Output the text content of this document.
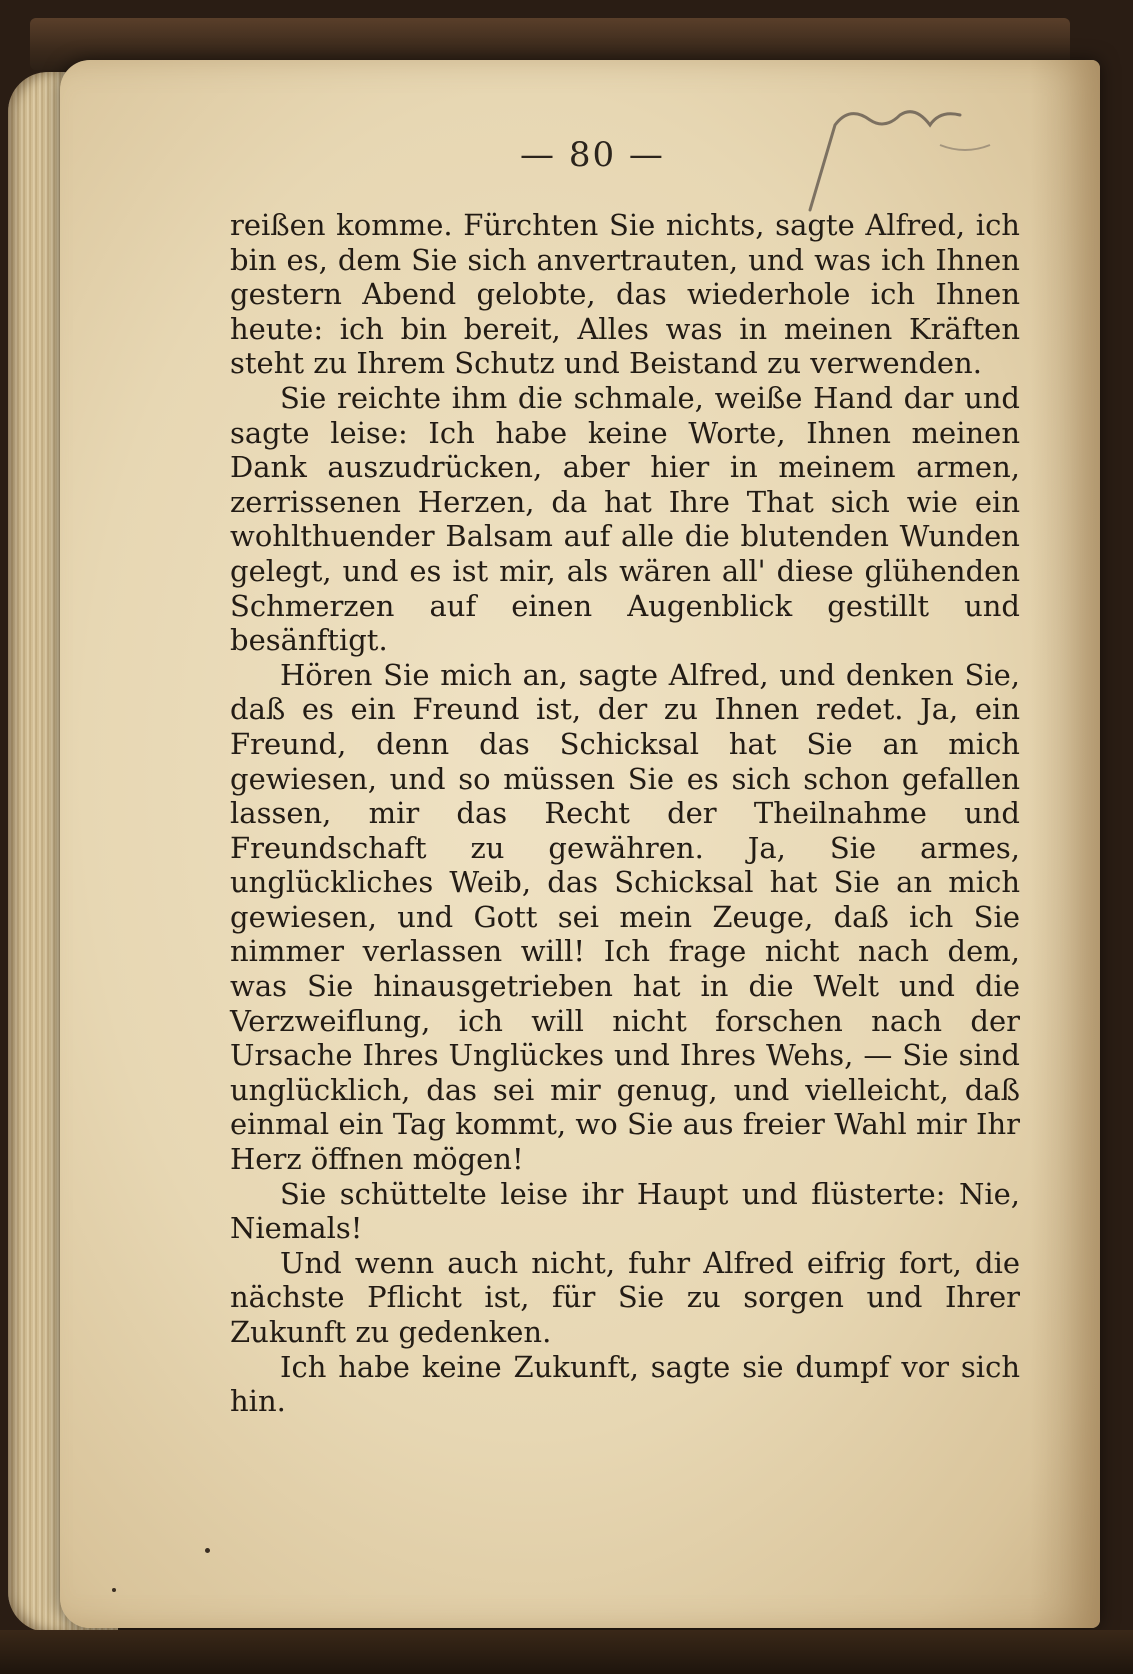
— 80 —

reißen komme. Fürchten Sie nichts, sagte Alfred, ich bin es, dem Sie sich anvertrauten, und was ich Ihnen gestern Abend gelobte, das wiederhole ich Ihnen heute: ich bin bereit, Alles was in meinen Kräften steht zu Ihrem Schutz und Beistand zu verwenden.

Sie reichte ihm die schmale, weiße Hand dar und sagte leise: Ich habe keine Worte, Ihnen meinen Dank auszudrücken, aber hier in meinem armen, zerrissenen Herzen, da hat Ihre That sich wie ein wohlthuender Balsam auf alle die blutenden Wunden gelegt, und es ist mir, als wären all' diese glühenden Schmerzen auf einen Augenblick gestillt und besänftigt.

Hören Sie mich an, sagte Alfred, und denken Sie, daß es ein Freund ist, der zu Ihnen redet. Ja, ein Freund, denn das Schicksal hat Sie an mich gewiesen, und so müssen Sie es sich schon gefallen lassen, mir das Recht der Theilnahme und Freundschaft zu gewähren. Ja, Sie armes, unglückliches Weib, das Schicksal hat Sie an mich gewiesen, und Gott sei mein Zeuge, daß ich Sie nimmer verlassen will! Ich frage nicht nach dem, was Sie hinausgetrieben hat in die Welt und die Verzweiflung, ich will nicht forschen nach der Ursache Ihres Unglückes und Ihres Wehs, — Sie sind unglücklich, das sei mir genug, und vielleicht, daß einmal ein Tag kommt, wo Sie aus freier Wahl mir Ihr Herz öffnen mögen!

Sie schüttelte leise ihr Haupt und flüsterte: Nie, Niemals!

Und wenn auch nicht, fuhr Alfred eifrig fort, die nächste Pflicht ist, für Sie zu sorgen und Ihrer Zukunft zu gedenken.

Ich habe keine Zukunft, sagte sie dumpf vor sich hin.
